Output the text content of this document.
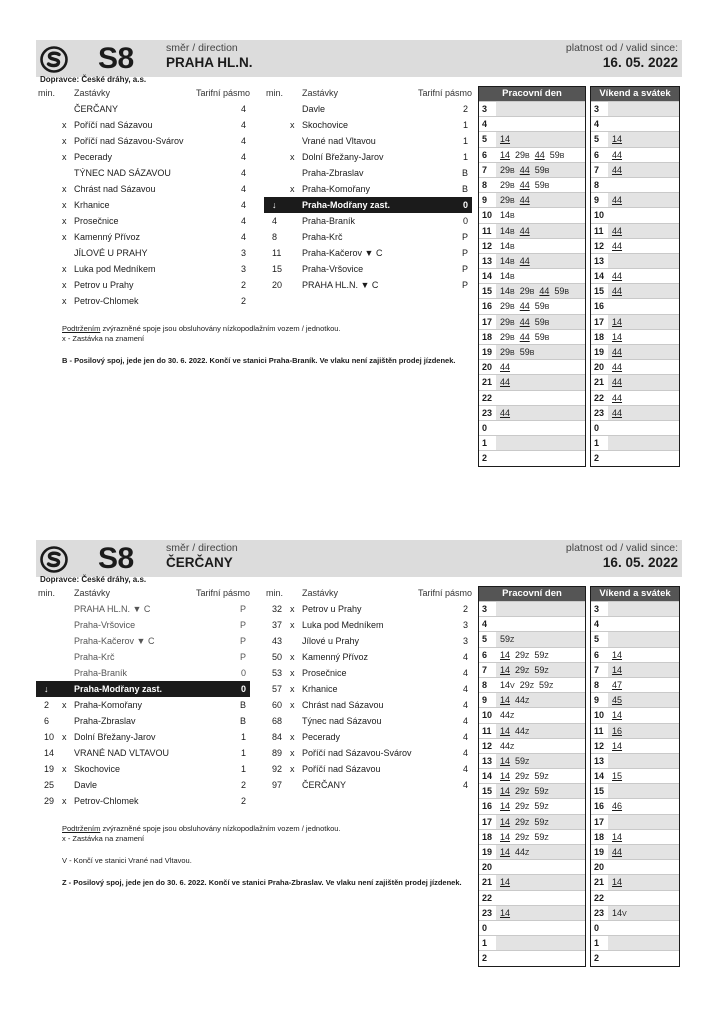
S8	směr / direction
PRAHA HL.N.
platnost od / valid since:
16. 05. 2022
Dopravce: České dráhy, a.s.
min. Zastávky	Tarifní pásmo
ČERČANY	4
x Poříčí nad Sázavou	4
x Poříčí nad Sázavou-Svárov	4
x Pecerady	4
TÝNEC NAD SÁZAVOU	4
x Chrást nad Sázavou	4
x Krhanice	4
x Prosečnice	4
x Kamenný Přívoz	4
JÍLOVÉ U PRAHY	3
x Luka pod Medníkem	3
x Petrov u Prahy	2
x Petrov-Chlomek	2
min. Zastávky	Tarifní pásmo
Davle	2
x Skochovice	1
Vrané nad Vltavou	1
x Dolní Břežany-Jarov	1
Praha-Zbraslav	B
x Praha-Komořany	B
↓	Praha-Modřany zast.	0
4	Praha-Braník	0
8	Praha-Krč	P
11 Praha-Kačerov ▼ C	P
15 Praha-Vršovice	P
20 PRAHA HL.N. ▼ C	P
Podtržením zvýrazněné spoje jsou obsluhovány nízkopodlažním vozem / jednotkou.
x - Zastávka na znamení
B - Posilový spoj, jede jen do 30. 6. 2022. Končí ve stanici Praha-Braník. Ve vlaku není zajištěn prodej jízdenek.
Pracovní den
3
4
5	14
6	14 29B 44 59B
7	29B 44 59B
8	29B 44 59B
9	29B 44
10 14B
11 14B 44
12 14B
13 14B 44
14 14B
15 14B 29B 44 59B
16 29B 44 59B
17 29B 44 59B
18 29B 44 59B
19 29B 59B
20 44
21 44
22
23 44
0
1
2
Víkend a svátek
3
4
5	14
6	44
7	44
8
9	44
10
11 44
12 44
13
14 44
15 44
16
17 14
18 14
19 44
20 44
21 44
22 44
23 44
0
1
2
S8	směr / direction
ČERČANY
platnost od / valid since:
16. 05. 2022
Dopravce: České dráhy, a.s.
min. Zastávky	Tarifní pásmo
PRAHA HL.N. ▼ C	P
Praha-Vršovice	P
Praha-Kačerov ▼ C	P
Praha-Krč	P
Praha-Braník	0
↓	Praha-Modřany zast.	0
2 x Praha-Komořany	B
6	Praha-Zbraslav	B
10 x Dolní Břežany-Jarov	1
14 VRANÉ NAD VLTAVOU	1
19 x Skochovice	1
25 Davle	2
29 x Petrov-Chlomek	2
min. Zastávky	Tarifní pásmo
32 x Petrov u Prahy	2
37 x Luka pod Medníkem	3
43 Jílové u Prahy	3
50 x Kamenný Přívoz	4
53 x Prosečnice	4
57 x Krhanice	4
60 x Chrást nad Sázavou	4
68 Týnec nad Sázavou	4
84 x Pecerady	4
89 x Poříčí nad Sázavou-Svárov	4
92 x Poříčí nad Sázavou	4
97 ČERČANY	4
Podtržením zvýrazněné spoje jsou obsluhovány nízkopodlažním vozem / jednotkou.
x - Zastávka na znamení
V - Končí ve stanici Vrané nad Vltavou.
Z - Posilový spoj, jede jen do 30. 6. 2022. Končí ve stanici Praha-Zbraslav. Ve vlaku není zajištěn prodej jízdenek.
Pracovní den
3
4
5	59Z
6	14 29Z 59Z
7	14 29Z 59Z
8	14V 29Z 59Z
9	14 44Z
10 44Z
11 14 44Z
12 44Z
13 14 59Z
14 14 29Z 59Z
15 14 29Z 59Z
16 14 29Z 59Z
17 14 29Z 59Z
18 14 29Z 59Z
19 14 44Z
20
21 14
22
23 14
0
1
2
Víkend a svátek
3
4
5
6	14
7	14
8	47
9	45
10 14
11 16
12 14
13
14 15
15
16 46
17
18 14
19 44
20
21 14
22
23 14V
0
1
2
